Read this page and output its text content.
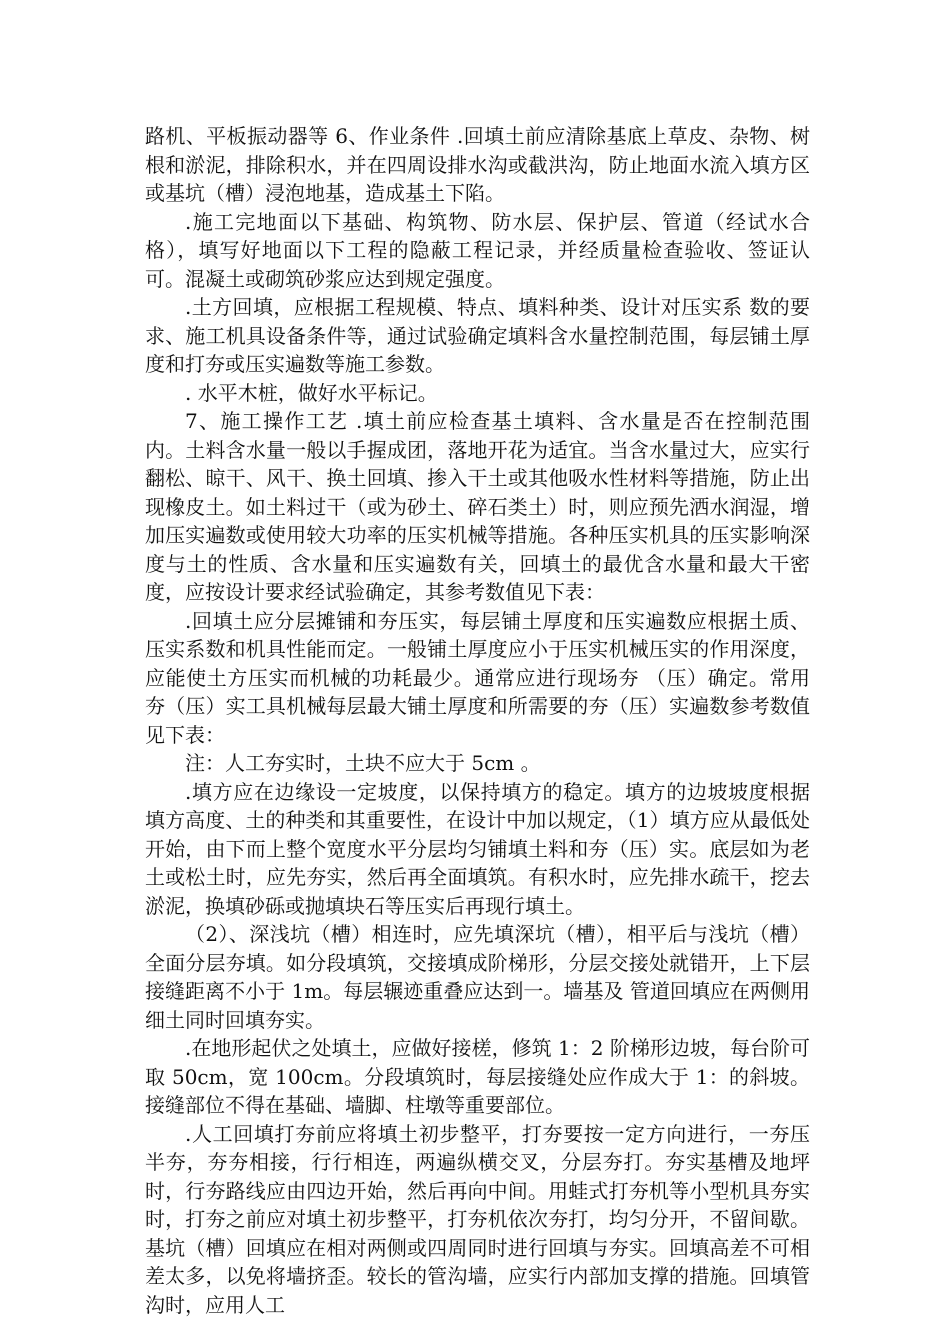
路机、平板振动器等 6、作业条件 .回填土前应清除基底上草皮、杂物、树根和淤泥，排除积水，并在四周设排水沟或截洪沟，防止地面水流入填方区或基坑（槽）浸泡地基，造成基土下陷。

.施工完地面以下基础、构筑物、防水层、保护层、管道（经试水合格），填写好地面以下工程的隐蔽工程记录，并经质量检查验收、签证认可。混凝土或砌筑砂浆应达到规定强度。

.土方回填，应根据工程规模、特点、填料种类、设计对压实系 数的要求、施工机具设备条件等，通过试验确定填料含水量控制范围，每层铺土厚度和打夯或压实遍数等施工参数。

. 水平木桩，做好水平标记。

7、施工操作工艺 .填土前应检查基土填料、含水量是否在控制范围内。土料含水量一般以手握成团，落地开花为适宜。当含水量过大，应实行翻松、晾干、风干、换土回填、掺入干土或其他吸水性材料等措施，防止出现橡皮土。如土料过干（或为砂土、碎石类土）时，则应预先洒水润湿，增加压实遍数或使用较大功率的压实机械等措施。各种压实机具的压实影响深度与土的性质、含水量和压实遍数有关，回填土的最优含水量和最大干密度，应按设计要求经试验确定，其参考数值见下表：

.回填土应分层摊铺和夯压实，每层铺土厚度和压实遍数应根据土质、压实系数和机具性能而定。一般铺土厚度应小于压实机械压实的作用深度，应能使土方压实而机械的功耗最少。通常应进行现场夯 （压）确定。常用夯（压）实工具机械每层最大铺土厚度和所需要的夯（压）实遍数参考数值见下表：

注：人工夯实时，土块不应大于 5cm 。

.填方应在边缘设一定坡度，以保持填方的稳定。填方的边坡坡度根据填方高度、土的种类和其重要性，在设计中加以规定，（1）填方应从最低处开始，由下而上整个宽度水平分层均匀铺填土料和夯（压）实。底层如为老土或松土时，应先夯实，然后再全面填筑。有积水时，应先排水疏干，挖去淤泥，换填砂砾或抛填块石等压实后再现行填土。

（2）、深浅坑（槽）相连时，应先填深坑（槽），相平后与浅坑（槽）全面分层夯填。如分段填筑，交接填成阶梯形，分层交接处就错开，上下层接缝距离不小于 1m。每层辗迹重叠应达到一。墙基及 管道回填应在两侧用细土同时回填夯实。

.在地形起伏之处填土，应做好接槎，修筑 1：2 阶梯形边坡，每台阶可取 50cm，宽 100cm。分段填筑时，每层接缝处应作成大于 1：的斜坡。接缝部位不得在基础、墙脚、柱墩等重要部位。

.人工回填打夯前应将填土初步整平，打夯要按一定方向进行，一夯压半夯，夯夯相接，行行相连，两遍纵横交叉，分层夯打。夯实基槽及地坪时，行夯路线应由四边开始，然后再向中间。用蛙式打夯机等小型机具夯实时，打夯之前应对填土初步整平，打夯机依次夯打，均匀分开，不留间歇。基坑（槽）回填应在相对两侧或四周同时进行回填与夯实。回填高差不可相差太多，以免将墙挤歪。较长的管沟墙，应实行内部加支撑的措施。回填管沟时，应用人工
